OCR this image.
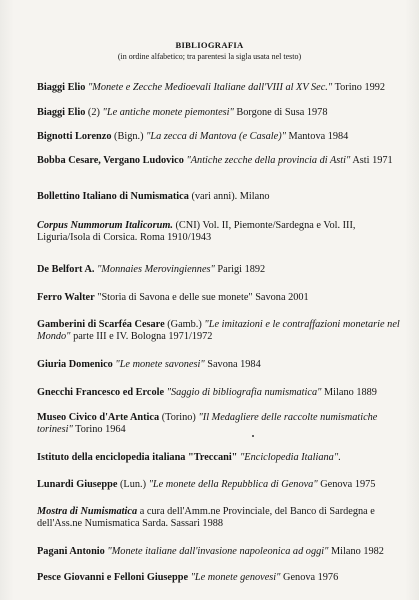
BIBLIOGRAFIA
(in ordine alfabetico; tra parentesi la sigla usata nel testo)
Biaggi Elio "Monete e Zecche Medioevali Italiane dall'VIII al XV Sec." Torino 1992
Biaggi Elio (2) "Le antiche monete piemontesi" Borgone di Susa 1978
Bignotti Lorenzo (Bign.) "La zecca di Mantova (e Casale)" Mantova 1984
Bobba Cesare, Vergano Ludovico "Antiche zecche della provincia di Asti" Asti 1971
Bollettino Italiano di Numismatica (vari anni). Milano
Corpus Nummorum Italicorum. (CNI) Vol. II, Piemonte/Sardegna e Vol. III, Liguria/Isola di Corsica. Roma 1910/1943
De Belfort A. "Monnaies Merovingiennes" Parigi 1892
Ferro Walter "Storia di Savona e delle sue monete" Savona 2001
Gamberini di Scarféa Cesare (Gamb.) "Le imitazioni e le contraffazioni monetarie nel Mondo" parte III e IV. Bologna 1971/1972
Giuria Domenico "Le monete savonesi" Savona 1984
Gnecchi Francesco ed Ercole "Saggio di bibliografia numismatica" Milano 1889
Museo Civico d'Arte Antica (Torino) "Il Medagliere delle raccolte numismatiche torinesi" Torino 1964
Istituto della enciclopedia italiana "Treccani" "Enciclopedia Italiana".
Lunardi Giuseppe (Lun.) "Le monete della Repubblica di Genova" Genova 1975
Mostra di Numismatica a cura dell'Amm.ne Provinciale, del Banco di Sardegna e dell'Ass.ne Numismatica Sarda. Sassari 1988
Pagani Antonio "Monete italiane dall'invasione napoleonica ad oggi" Milano 1982
Pesce Giovanni e Felloni Giuseppe "Le monete genovesi" Genova 1976
